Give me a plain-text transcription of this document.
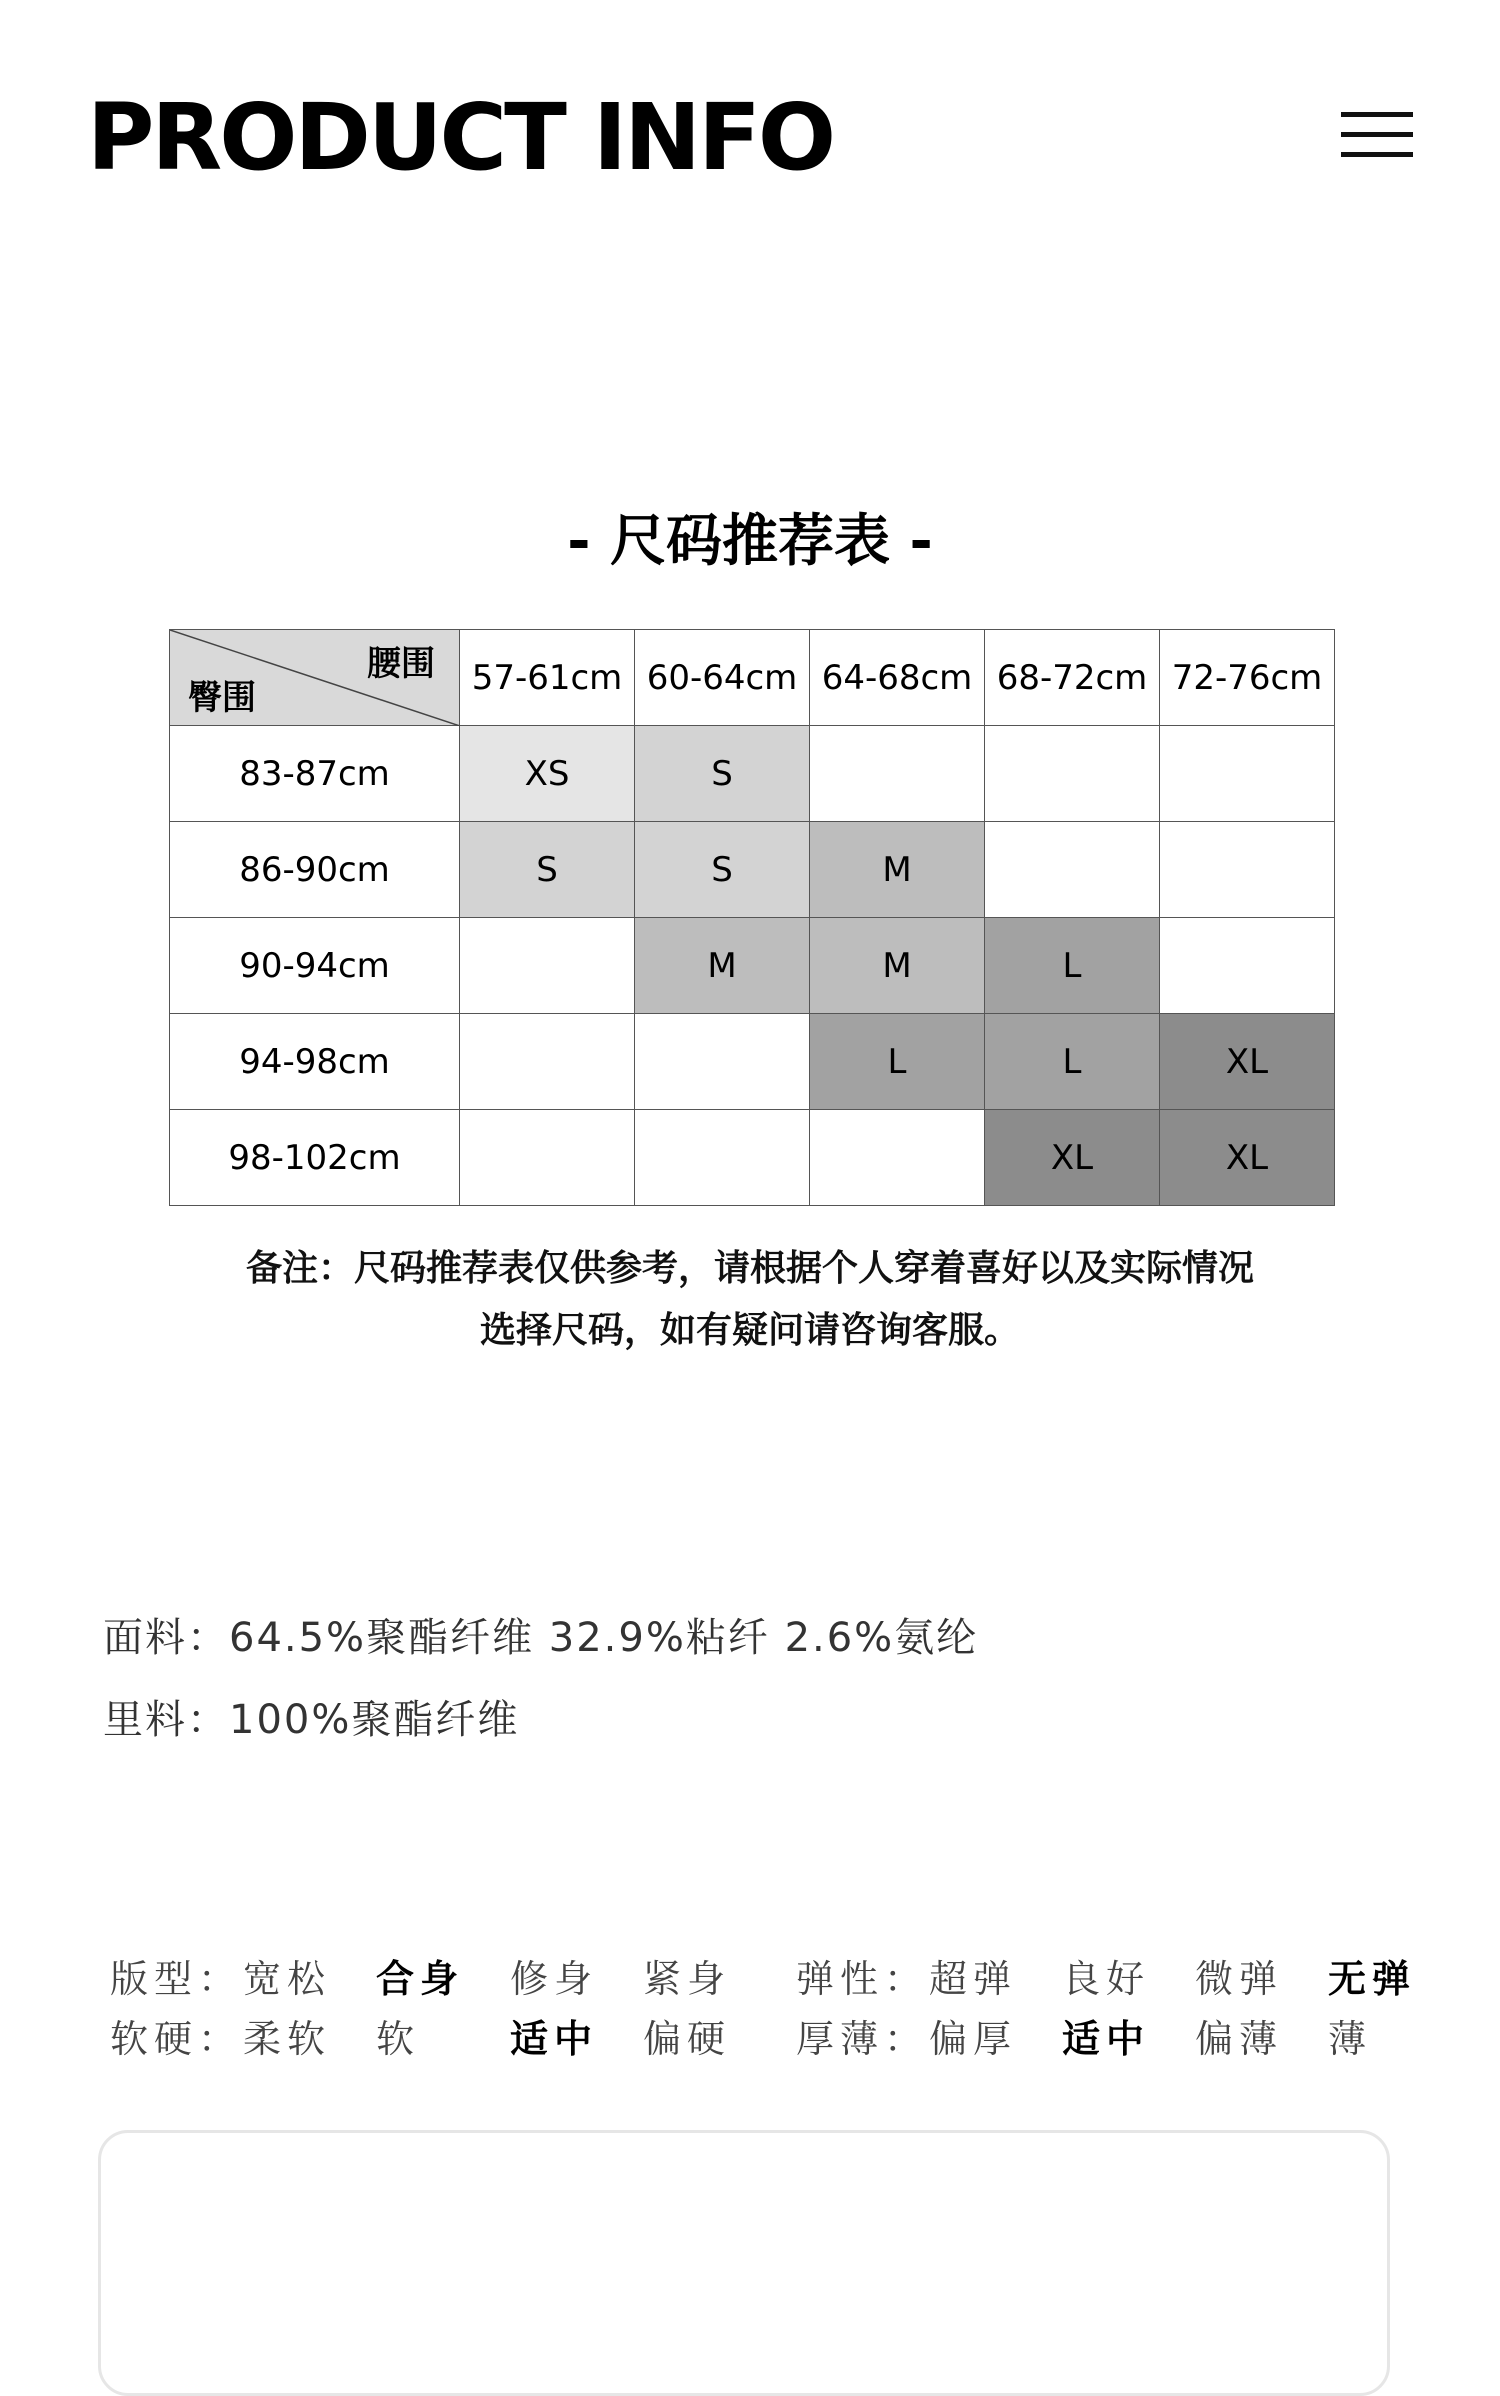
PRODUCT INFO
- 尺码推荐表 -
腰围
臀围	57-61cm	60-64cm	64-68cm	68-72cm	72-76cm
83-87cm	XS	S			
86-90cm	S	S	M		
90-94cm		M	M	L	
94-98cm			L	L	XL
98-102cm				XL	XL
备注：尺码推荐表仅供参考，请根据个人穿着喜好以及实际情况
选择尺码，如有疑问请咨询客服。
面料：64.5%聚酯纤维 32.9%粘纤 2.6%氨纶
里料：100%聚酯纤维
版型： 宽松 合身 修身 紧身 弹性： 超弹 良好 微弹 无弹
软硬： 柔软 软 适中 偏硬 厚薄： 偏厚 适中 偏薄 薄
